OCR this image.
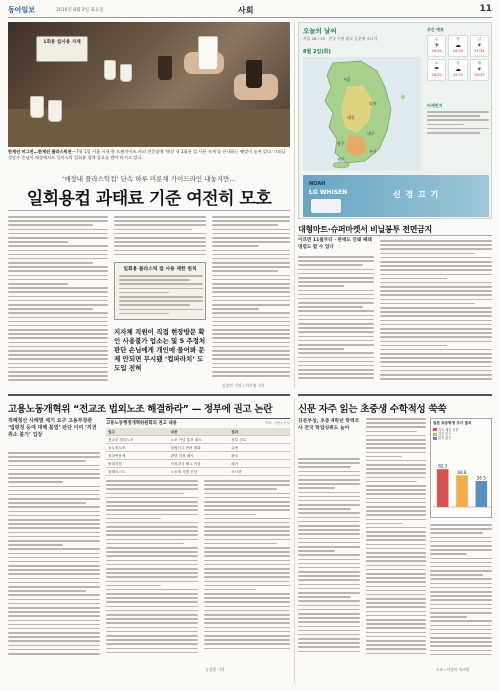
동아일보	2016년 8월 2일 화요일	사회	11
1회용 컵사용 자제
한계선 머그잔…한계선 플라스틱잔—7월 1일 서울 시내 한 프랜차이즈 커피 전문점에 ‘매장 내 1회용 컵 사용 자제’를 안내하는 팻말이 놓여 있다. 그러나 상당수 손님이 매장에서도 플라스틱 일회용 컵에 음료를 받아 마시고 있다.
‘매장내 플라스틱컵’ 단속 하루 미룬채 가이드라인 내놓지만…
일회용컵 과태료 기준 여전히 모호
일회용 플라스틱 컵 사용 제한 원칙
지자체 직원이 직접 현장방문 확인 사용불가 업소는 및 5 주정처 판단 손님에게 개인에 물어봐 문제 안되면 무시됐 ‘컵파라치’ 도 도입 전혀
김성민 기자 / 이지영 기자
오늘의 날씨
서울 28 / 33 · 전국 구름 많고 곳곳에 소나기
8월 2일(화)
서울
강릉
대전
대구
광주
부산
제주
주간 예보
수
☀
26/34
목
☁
26/33
금
☀
27/34
토
☂
26/32
일
☁
25/31
월
☀
26/33
미세먼지
NOAH
LG WHISEN	신 경 끄 기
대형마트·슈퍼마켓서 비닐봉투 전면금지
이르면 11월부터 · 판매도 안돼 폐쇄명령도 할 수 있다
고용노동개혁위 “전교조 법외노조 해결하라” — 정부에 권고 논란
적폐청산 사례별 제기 요구 고용부장관 ‘법령정 등에 대해 불법’ 판단 이미 ‘직권취소 불가’ 입장
고용노동행정개혁위원회의 권고 내용	자료: 고용노동부
권고	내용	결과
전교조 법외노조	노조 아님 통보 취소	정부 검토
공무원노조	설립신고 반려 철회	수용
성과연봉제	관련 지침 폐지	완료
양대지침	저성과자 해고 지침	폐기
블랙리스트	노동계 사찰 진상	조사중
유성열 기자
신문 자주 읽는 초중생 수학적성 쑥쑥
日문부성, 초중 4학년 학력조사 전국 학업성취도 높아
일본 초등학생 조사 결과
거의 매일 신문
가끔 읽는
읽지 않는
82.3
68.8
56.5
도쿄=서영아 특파원
